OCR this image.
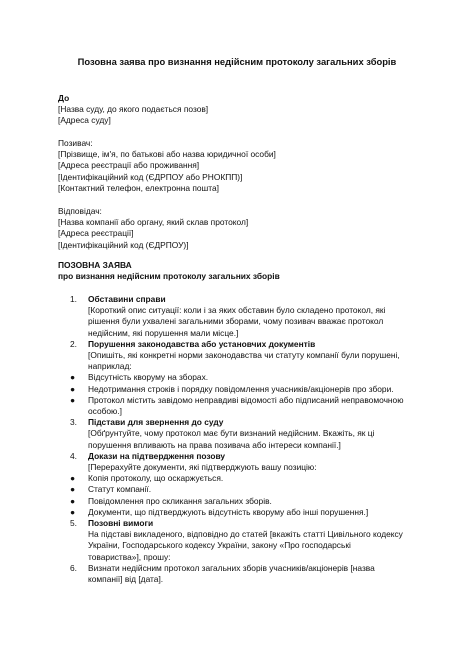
Позовна заява про визнання недійсним протоколу загальних зборів
До
[Назва суду, до якого подається позов]
[Адреса суду]
Позивач:
[Прізвище, ім'я, по батькові або назва юридичної особи]
[Адреса реєстрації або проживання]
[Ідентифікаційний код (ЄДРПОУ або РНОКПП)]
[Контактний телефон, електронна пошта]
Відповідач:
[Назва компанії або органу, який склав протокол]
[Адреса реєстрації]
[Ідентифікаційний код (ЄДРПОУ)]
ПОЗОВНА ЗАЯВА
про визнання недійсним протоколу загальних зборів
1. Обставини справи
[Короткий опис ситуації: коли і за яких обставин було складено протокол, які
рішення були ухвалені загальними зборами, чому позивач вважає протокол
недійсним, які порушення мали місце.]
2. Порушення законодавства або установчих документів
[Опишіть, які конкретні норми законодавства чи статуту компанії були порушені,
наприклад:
● Відсутність кворуму на зборах.
● Недотримання строків і порядку повідомлення учасників/акціонерів про збори.
● Протокол містить завідомо неправдиві відомості або підписаний неправомочною
особою.]
3. Підстави для звернення до суду
[Обґрунтуйте, чому протокол має бути визнаний недійсним. Вкажіть, як ці
порушення впливають на права позивача або інтереси компанії.]
4. Докази на підтвердження позову
[Перерахуйте документи, які підтверджують вашу позицію:
● Копія протоколу, що оскаржується.
● Статут компанії.
● Повідомлення про скликання загальних зборів.
● Документи, що підтверджують відсутність кворуму або інші порушення.]
5. Позовні вимоги
На підставі викладеного, відповідно до статей [вкажіть статті Цивільного кодексу
України, Господарського кодексу України, закону «Про господарські
товариства»], прошу:
6. Визнати недійсним протокол загальних зборів учасників/акціонерів [назва
компанії] від [дата].
